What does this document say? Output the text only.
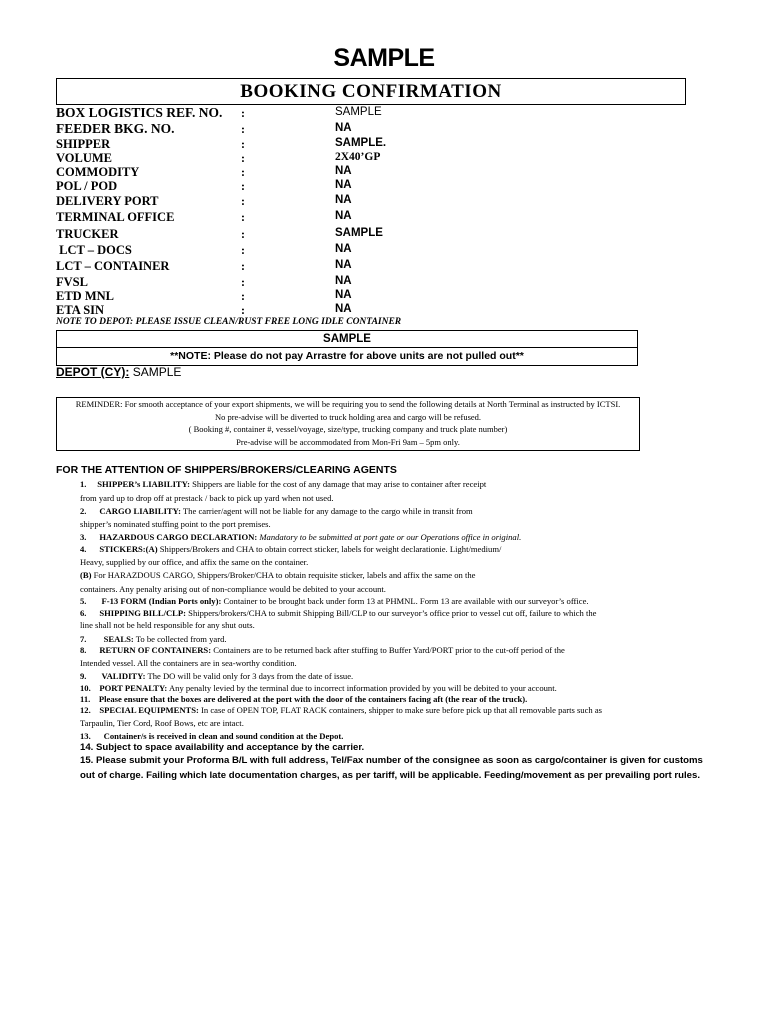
SAMPLE
BOOKING CONFIRMATION
BOX LOGISTICS REF. NO. :	SAMPLE
FEEDER BKG. NO.	:	NA
SHIPPER	:	SAMPLE.
VOLUME	:	2X40’GP
COMMODITY	:	NA
POL / POD	:	NA
DELIVERY PORT	:	NA
TERMINAL OFFICE	:	NA
TRUCKER	:	SAMPLE
LCT – DOCS	:	NA
LCT – CONTAINER	:	NA
FVSL	:	NA
ETD MNL	:	NA
ETA SIN	:	NA
NOTE TO DEPOT: PLEASE ISSUE CLEAN/RUST FREE LONG IDLE CONTAINER
SAMPLE
**NOTE: Please do not pay Arrastre for above units are not pulled out**
DEPOT (CY): SAMPLE
REMINDER: For smooth acceptance of your export shipments, we will be requiring you to send the following details at North Terminal as instructed by ICTSI.
No pre-advise will be diverted to truck holding area and cargo will be refused.
( Booking #, container #, vessel/voyage, size/type, trucking company and truck plate number)
Pre-advise will be accommodated from Mon-Fri 9am – 5pm only.
FOR THE ATTENTION OF SHIPPERS/BROKERS/CLEARING AGENTS
1. SHIPPER’s LIABILITY: Shippers are liable for the cost of any damage that may arise to container after receipt
from yard up to drop off at prestack / back to pick up yard when not used.
2. CARGO LIABILITY: The carrier/agent will not be liable for any damage to the cargo while in transit from
shipper’s nominated stuffing point to the port premises.
3. HAZARDOUS CARGO DECLARATION: Mandatory to be submitted at port gate or our Operations office in original.
4. STICKERS:(A) Shippers/Brokers and CHA to obtain correct sticker, labels for weight declarationie. Light/medium/
Heavy, supplied by our office, and affix the same on the container.
(B) For HARAZDOUS CARGO, Shippers/Broker/CHA to obtain requisite sticker, labels and affix the same on the
containers. Any penalty arising out of non-compliance would be debited to your account.
5. F-13 FORM (Indian Ports only): Container to be brought back under form 13 at PHMNL. Form 13 are available with our surveyor’s office.
6. SHIPPING BILL/CLP: Shippers/brokers/CHA to submit Shipping Bill/CLP to our surveyor’s office prior to vessel cut off, failure to which the
line shall not be held responsible for any shut outs.
7. SEALS: To be collected from yard.
8. RETURN OF CONTAINERS: Containers are to be returned back after stuffing to Buffer Yard/PORT prior to the cut-off period of the
Intended vessel. All the containers are in sea-worthy condition.
9. VALIDITY: The DO will be valid only for 3 days from the date of issue.
10. PORT PENALTY: Any penalty levied by the terminal due to incorrect information provided by you will be debited to your account.
11. Please ensure that the boxes are delivered at the port with the door of the containers facing aft (the rear of the truck).
12. SPECIAL EQUIPMENTS: In case of OPEN TOP, FLAT RACK containers, shipper to make sure before pick up that all removable parts such as
Tarpaulin, Tier Cord, Roof Bows, etc are intact.
13. Container/s is received in clean and sound condition at the Depot.
14. Subject to space availability and acceptance by the carrier.
15. Please submit your Proforma B/L with full address, Tel/Fax number of the consignee as soon as cargo/container is given for customs
out of charge. Failing which late documentation charges, as per tariff, will be applicable. Feeding/movement as per prevailing port rules.
